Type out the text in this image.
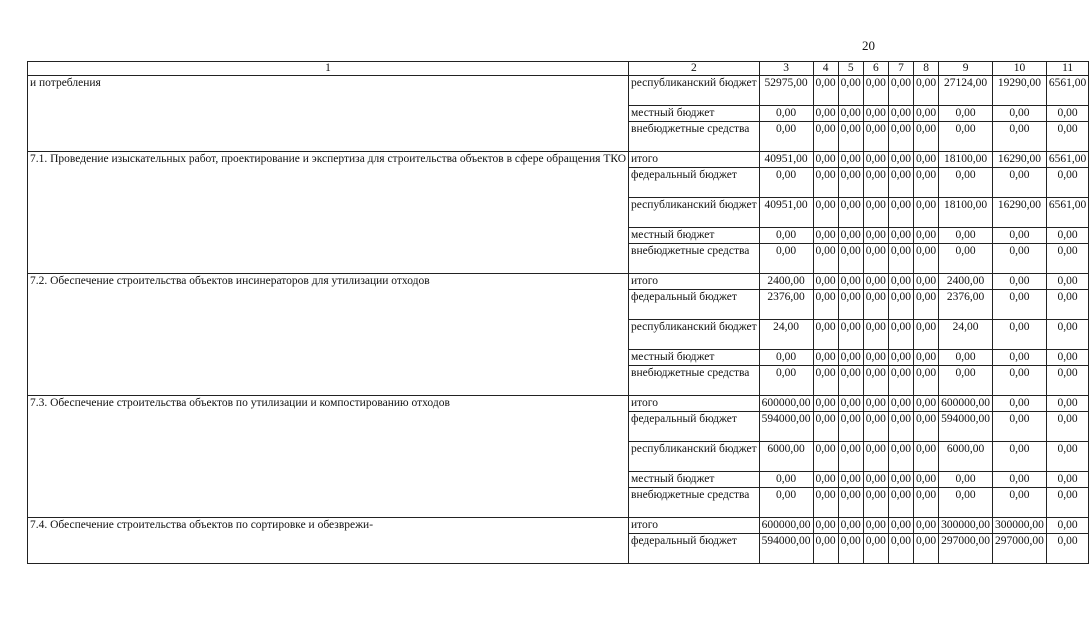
20
1	2	3	4	5	6	7	8	9	10	11
и потребления	республиканский бюджет	52975,00	0,00	0,00	0,00	0,00	0,00	27124,00	19290,00	6561,00
	местный бюджет	0,00	0,00	0,00	0,00	0,00	0,00	0,00	0,00	0,00
	внебюджетные средства	0,00	0,00	0,00	0,00	0,00	0,00	0,00	0,00	0,00
7.1. Проведение изыскательных работ, проектирование и экспертиза для строительства объектов в сфере обращения ТКО	итого	40951,00	0,00	0,00	0,00	0,00	0,00	18100,00	16290,00	6561,00
	федеральный бюджет	0,00	0,00	0,00	0,00	0,00	0,00	0,00	0,00	0,00
	республиканский бюджет	40951,00	0,00	0,00	0,00	0,00	0,00	18100,00	16290,00	6561,00
	местный бюджет	0,00	0,00	0,00	0,00	0,00	0,00	0,00	0,00	0,00
	внебюджетные средства	0,00	0,00	0,00	0,00	0,00	0,00	0,00	0,00	0,00
7.2. Обеспечение строительства объектов инсинераторов для утилизации отходов	итого	2400,00	0,00	0,00	0,00	0,00	0,00	2400,00	0,00	0,00
	федеральный бюджет	2376,00	0,00	0,00	0,00	0,00	0,00	2376,00	0,00	0,00
	республиканский бюджет	24,00	0,00	0,00	0,00	0,00	0,00	24,00	0,00	0,00
	местный бюджет	0,00	0,00	0,00	0,00	0,00	0,00	0,00	0,00	0,00
	внебюджетные средства	0,00	0,00	0,00	0,00	0,00	0,00	0,00	0,00	0,00
7.3. Обеспечение строительства объектов по утилизации и компостированию отходов	итого	600000,00	0,00	0,00	0,00	0,00	0,00	600000,00	0,00	0,00
	федеральный бюджет	594000,00	0,00	0,00	0,00	0,00	0,00	594000,00	0,00	0,00
	республиканский бюджет	6000,00	0,00	0,00	0,00	0,00	0,00	6000,00	0,00	0,00
	местный бюджет	0,00	0,00	0,00	0,00	0,00	0,00	0,00	0,00	0,00
	внебюджетные средства	0,00	0,00	0,00	0,00	0,00	0,00	0,00	0,00	0,00
7.4. Обеспечение строительства объектов по сортировке и обезврежи-	итого	600000,00	0,00	0,00	0,00	0,00	0,00	300000,00	300000,00	0,00
	федеральный бюджет	594000,00	0,00	0,00	0,00	0,00	0,00	297000,00	297000,00	0,00
